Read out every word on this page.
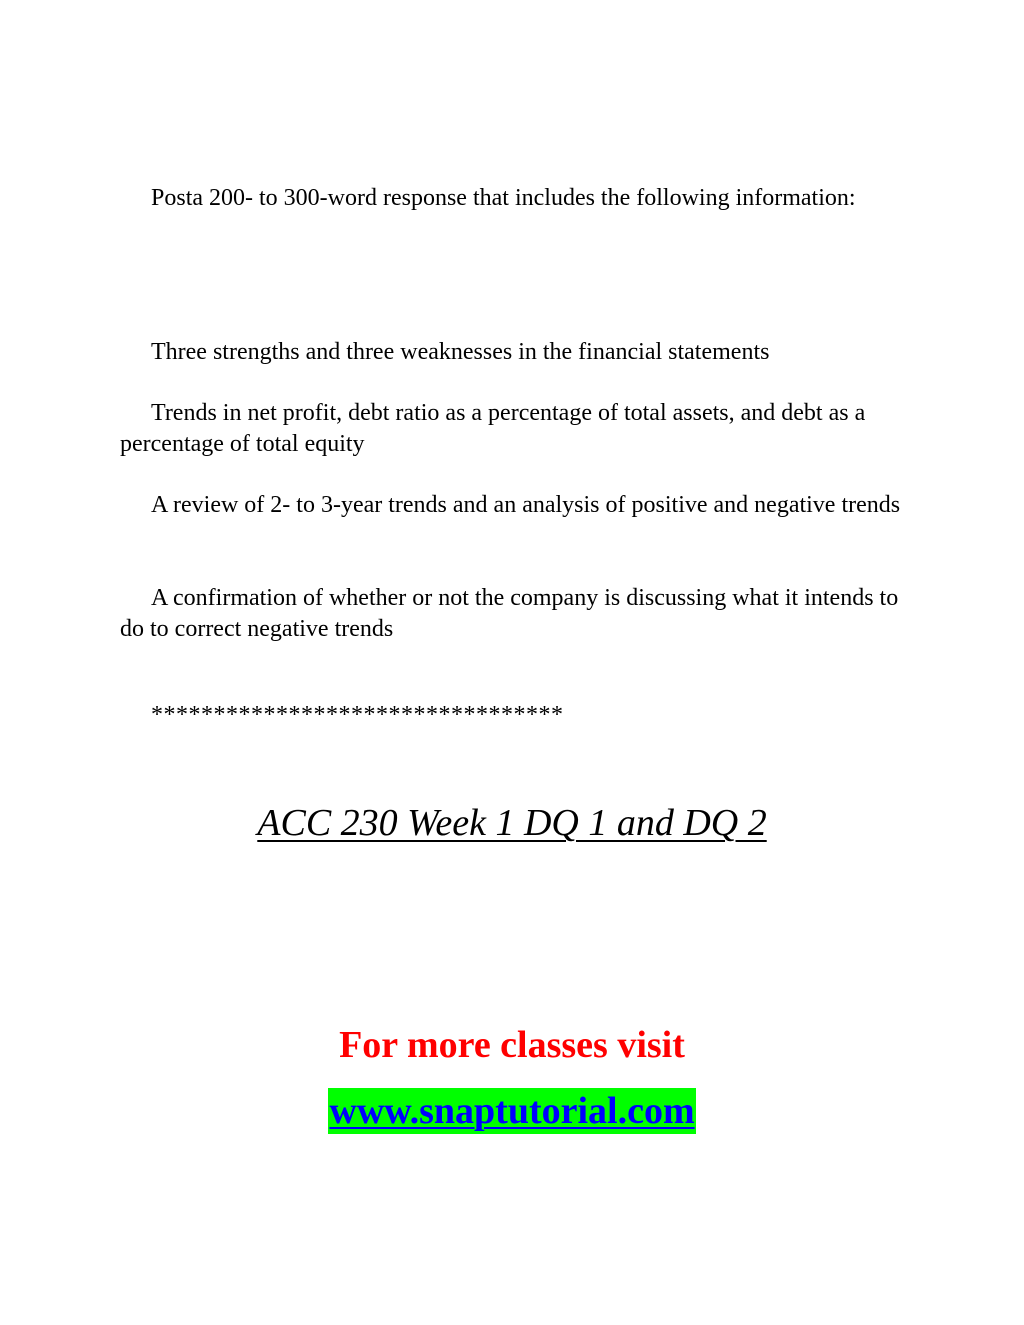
Posta 200- to 300-word response that includes the following information:

Three strengths and three weaknesses in the financial statements

Trends in net profit, debt ratio as a percentage of total assets, and debt as a percentage of total equity

A review of 2- to 3-year trends and an analysis of positive and negative trends

A confirmation of whether or not the company is discussing what it intends to do to correct negative trends

*********************************

ACC 230 Week 1 DQ 1 and DQ 2

For more classes visit

www.snaptutorial.com
